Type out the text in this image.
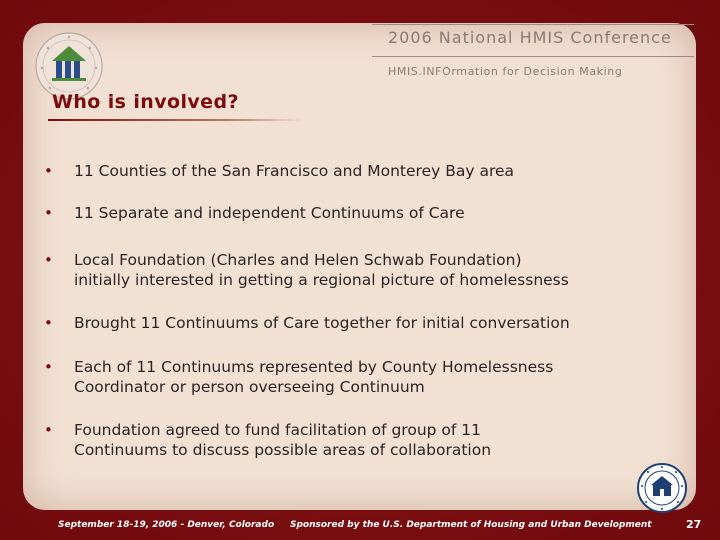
2006 National HMIS Conference
HMIS.INFOrmation for Decision Making
Who is involved?
• 11 Counties of the San Francisco and Monterey Bay area
• 11 Separate and independent Continuums of Care
• Local Foundation (Charles and Helen Schwab Foundation)
initially interested in getting a regional picture of homelessness
• Brought 11 Continuums of Care together for initial conversation
• Each of 11 Continuums represented by County Homelessness
Coordinator or person overseeing Continuum
• Foundation agreed to fund facilitation of group of 11
Continuums to discuss possible areas of collaboration
September 18-19, 2006 - Denver, Colorado Sponsored by the U.S. Department of Housing and Urban Development	27
